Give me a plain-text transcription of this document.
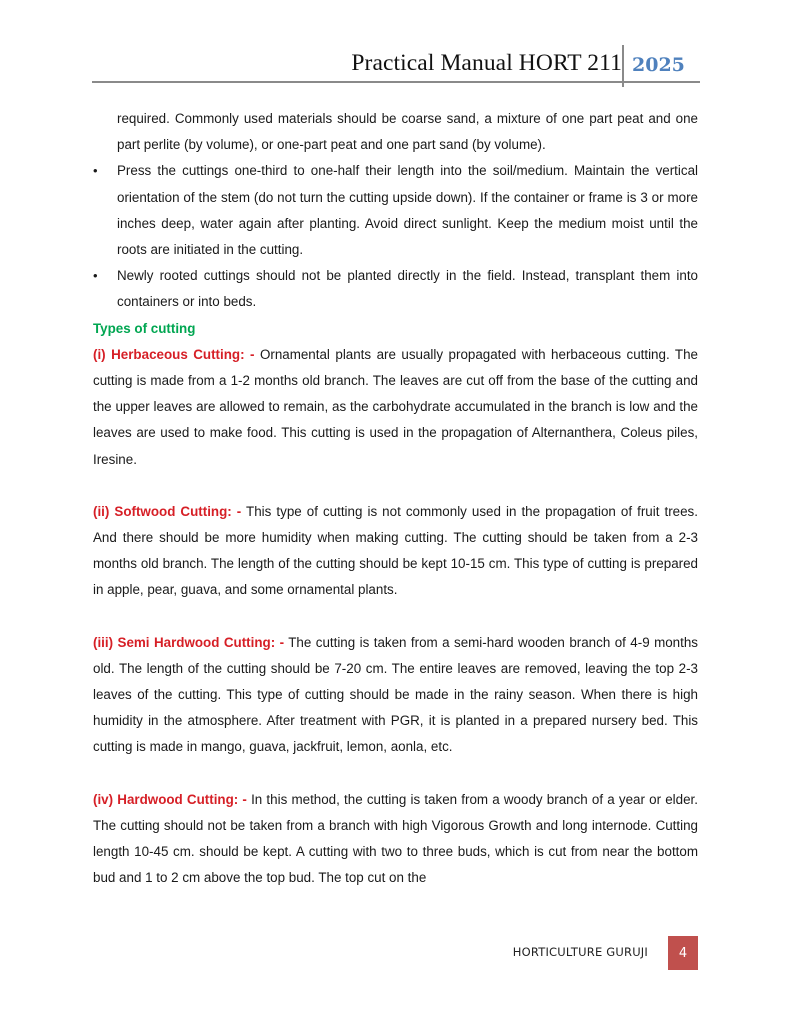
Practical Manual HORT 211 2025

required. Commonly used materials should be coarse sand, a mixture of one part peat and one part perlite (by volume), or one-part peat and one part sand (by volume).

•	Press the cuttings one-third to one-half their length into the soil/medium. Maintain the vertical orientation of the stem (do not turn the cutting upside down). If the container or frame is 3 or more inches deep, water again after planting. Avoid direct sunlight. Keep the medium moist until the roots are initiated in the cutting.
•	Newly rooted cuttings should not be planted directly in the field. Instead, transplant them into containers or into beds.

Types of cutting

(i) Herbaceous Cutting: - Ornamental plants are usually propagated with herbaceous cutting. The cutting is made from a 1-2 months old branch. The leaves are cut off from the base of the cutting and the upper leaves are allowed to remain, as the carbohydrate accumulated in the branch is low and the leaves are used to make food. This cutting is used in the propagation of Alternanthera, Coleus piles, Iresine.

(ii) Softwood Cutting: - This type of cutting is not commonly used in the propagation of fruit trees. And there should be more humidity when making cutting. The cutting should be taken from a 2-3 months old branch. The length of the cutting should be kept 10-15 cm. This type of cutting is prepared in apple, pear, guava, and some ornamental plants.

(iii) Semi Hardwood Cutting: - The cutting is taken from a semi-hard wooden branch of 4-9 months old. The length of the cutting should be 7-20 cm. The entire leaves are removed, leaving the top 2-3 leaves of the cutting. This type of cutting should be made in the rainy season. When there is high humidity in the atmosphere. After treatment with PGR, it is planted in a prepared nursery bed. This cutting is made in mango, guava, jackfruit, lemon, aonla, etc.

(iv) Hardwood Cutting: - In this method, the cutting is taken from a woody branch of a year or elder. The cutting should not be taken from a branch with high Vigorous Growth and long internode. Cutting length 10-45 cm. should be kept. A cutting with two to three buds, which is cut from near the bottom bud and 1 to 2 cm above the top bud. The top cut on the

HORTICULTURE GURUJI	4
